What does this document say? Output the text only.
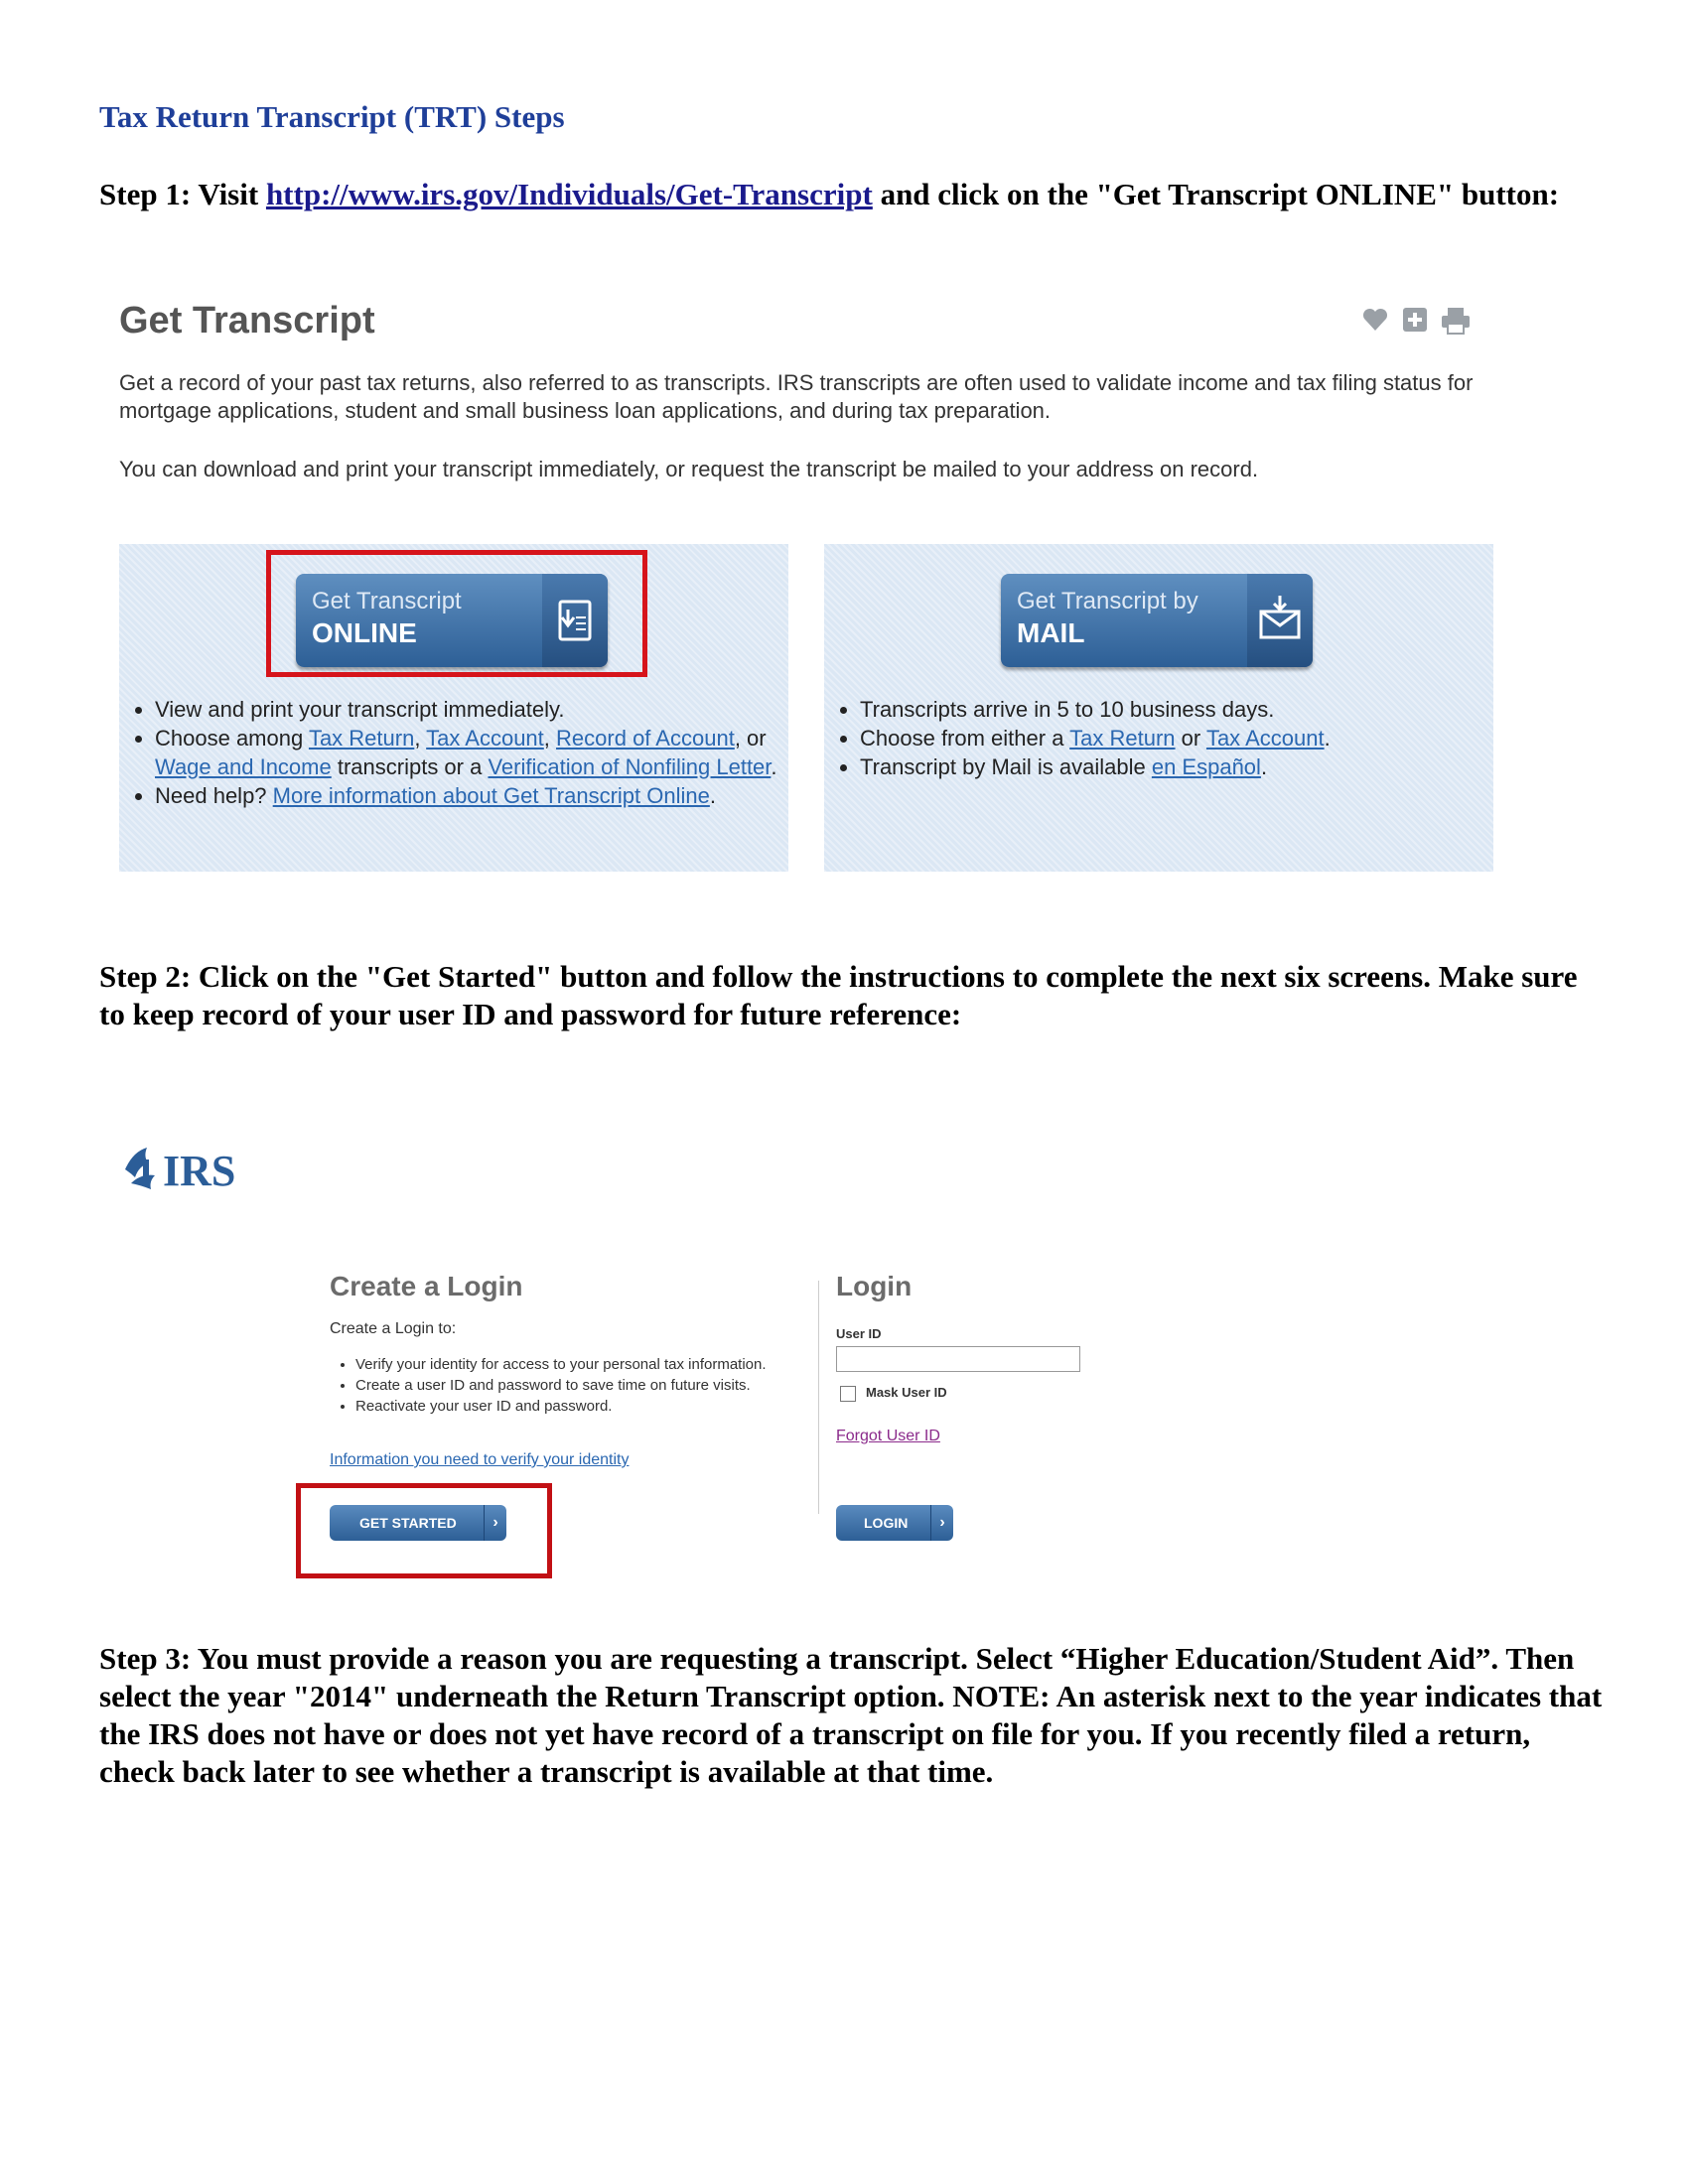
Tax Return Transcript (TRT) Steps

Step 1: Visit http://www.irs.gov/Individuals/Get-Transcript and click on the "Get Transcript ONLINE" button:

Get Transcript

Get a record of your past tax returns, also referred to as transcripts. IRS transcripts are often used to validate income and tax filing status for mortgage applications, student and small business loan applications, and during tax preparation.

You can download and print your transcript immediately, or request the transcript be mailed to your address on record.

Get Transcript
ONLINE
• View and print your transcript immediately.
• Choose among Tax Return, Tax Account, Record of Account, or Wage and Income transcripts or a Verification of Nonfiling Letter.
• Need help? More information about Get Transcript Online.
Get Transcript by
MAIL
• Transcripts arrive in 5 to 10 business days.
• Choose from either a Tax Return or Tax Account.
• Transcript by Mail is available en Español.

Step 2: Click on the "Get Started" button and follow the instructions to complete the next six screens. Make sure to keep record of your user ID and password for future reference:

IRS
Create a Login

Create a Login to:

• Verify your identity for access to your personal tax information.
• Create a user ID and password to save time on future visits.
• Reactivate your user ID and password.
Information you need to verify your identity
GET STARTED	›
Login
User ID
Mask User ID
Forgot User ID
LOGIN	›

Step 3: You must provide a reason you are requesting a transcript. Select “Higher Education/Student Aid”. Then select the year "2014" underneath the Return Transcript option. NOTE: An asterisk next to the year indicates that the IRS does not have or does not yet have record of a transcript on file for you. If you recently filed a return, check back later to see whether a transcript is available at that time.
